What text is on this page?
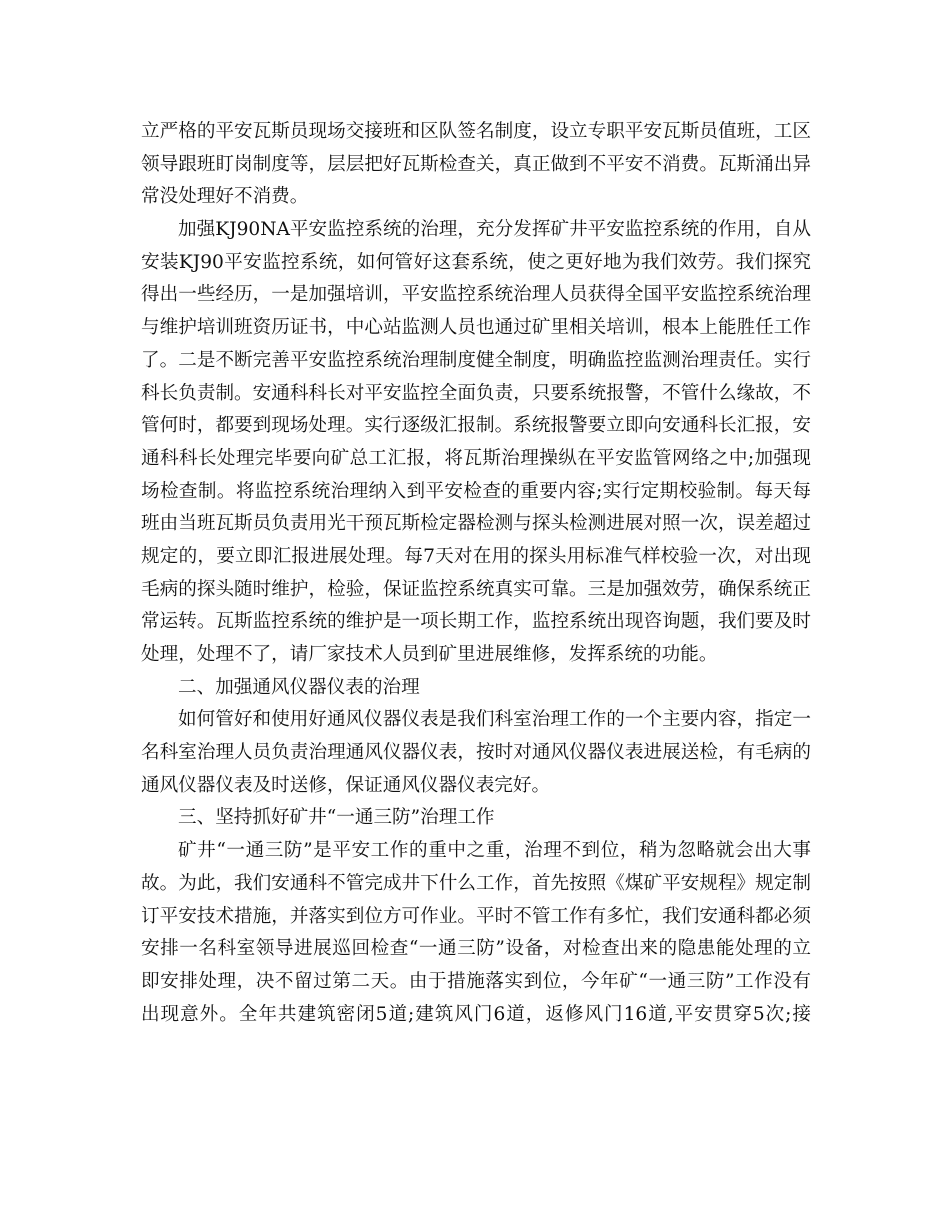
立严格的平安瓦斯员现场交接班和区队签名制度，设立专职平安瓦斯员值班，工区
领导跟班盯岗制度等，层层把好瓦斯检查关，真正做到不平安不消费。瓦斯涌出异
常没处理好不消费。
加强KJ90NA平安监控系统的治理，充分发挥矿井平安监控系统的作用，自从
安装KJ90平安监控系统，如何管好这套系统，使之更好地为我们效劳。我们探究
得出一些经历，一是加强培训，平安监控系统治理人员获得全国平安监控系统治理
与维护培训班资历证书，中心站监测人员也通过矿里相关培训，根本上能胜任工作
了。二是不断完善平安监控系统治理制度健全制度，明确监控监测治理责任。实行
科长负责制。安通科科长对平安监控全面负责，只要系统报警，不管什么缘故，不
管何时，都要到现场处理。实行逐级汇报制。系统报警要立即向安通科长汇报，安
通科科长处理完毕要向矿总工汇报，将瓦斯治理操纵在平安监管网络之中;加强现
场检查制。将监控系统治理纳入到平安检查的重要内容;实行定期校验制。每天每
班由当班瓦斯员负责用光干预瓦斯检定器检测与探头检测进展对照一次，误差超过
规定的，要立即汇报进展处理。每7天对在用的探头用标准气样校验一次，对出现
毛病的探头随时维护，检验，保证监控系统真实可靠。三是加强效劳，确保系统正
常运转。瓦斯监控系统的维护是一项长期工作，监控系统出现咨询题，我们要及时
处理，处理不了，请厂家技术人员到矿里进展维修，发挥系统的功能。
二、加强通风仪器仪表的治理
如何管好和使用好通风仪器仪表是我们科室治理工作的一个主要内容，指定一
名科室治理人员负责治理通风仪器仪表，按时对通风仪器仪表进展送检，有毛病的
通风仪器仪表及时送修，保证通风仪器仪表完好。
三、坚持抓好矿井“一通三防”治理工作
矿井“一通三防”是平安工作的重中之重，治理不到位，稍为忽略就会出大事
故。为此，我们安通科不管完成井下什么工作，首先按照《煤矿平安规程》规定制
订平安技术措施，并落实到位方可作业。平时不管工作有多忙，我们安通科都必须
安排一名科室领导进展巡回检查“一通三防”设备，对检查出来的隐患能处理的立
即安排处理，决不留过第二天。由于措施落实到位，今年矿“一通三防”工作没有
出现意外。全年共建筑密闭5道;建筑风门6道，返修风门16道,平安贯穿5次;接
